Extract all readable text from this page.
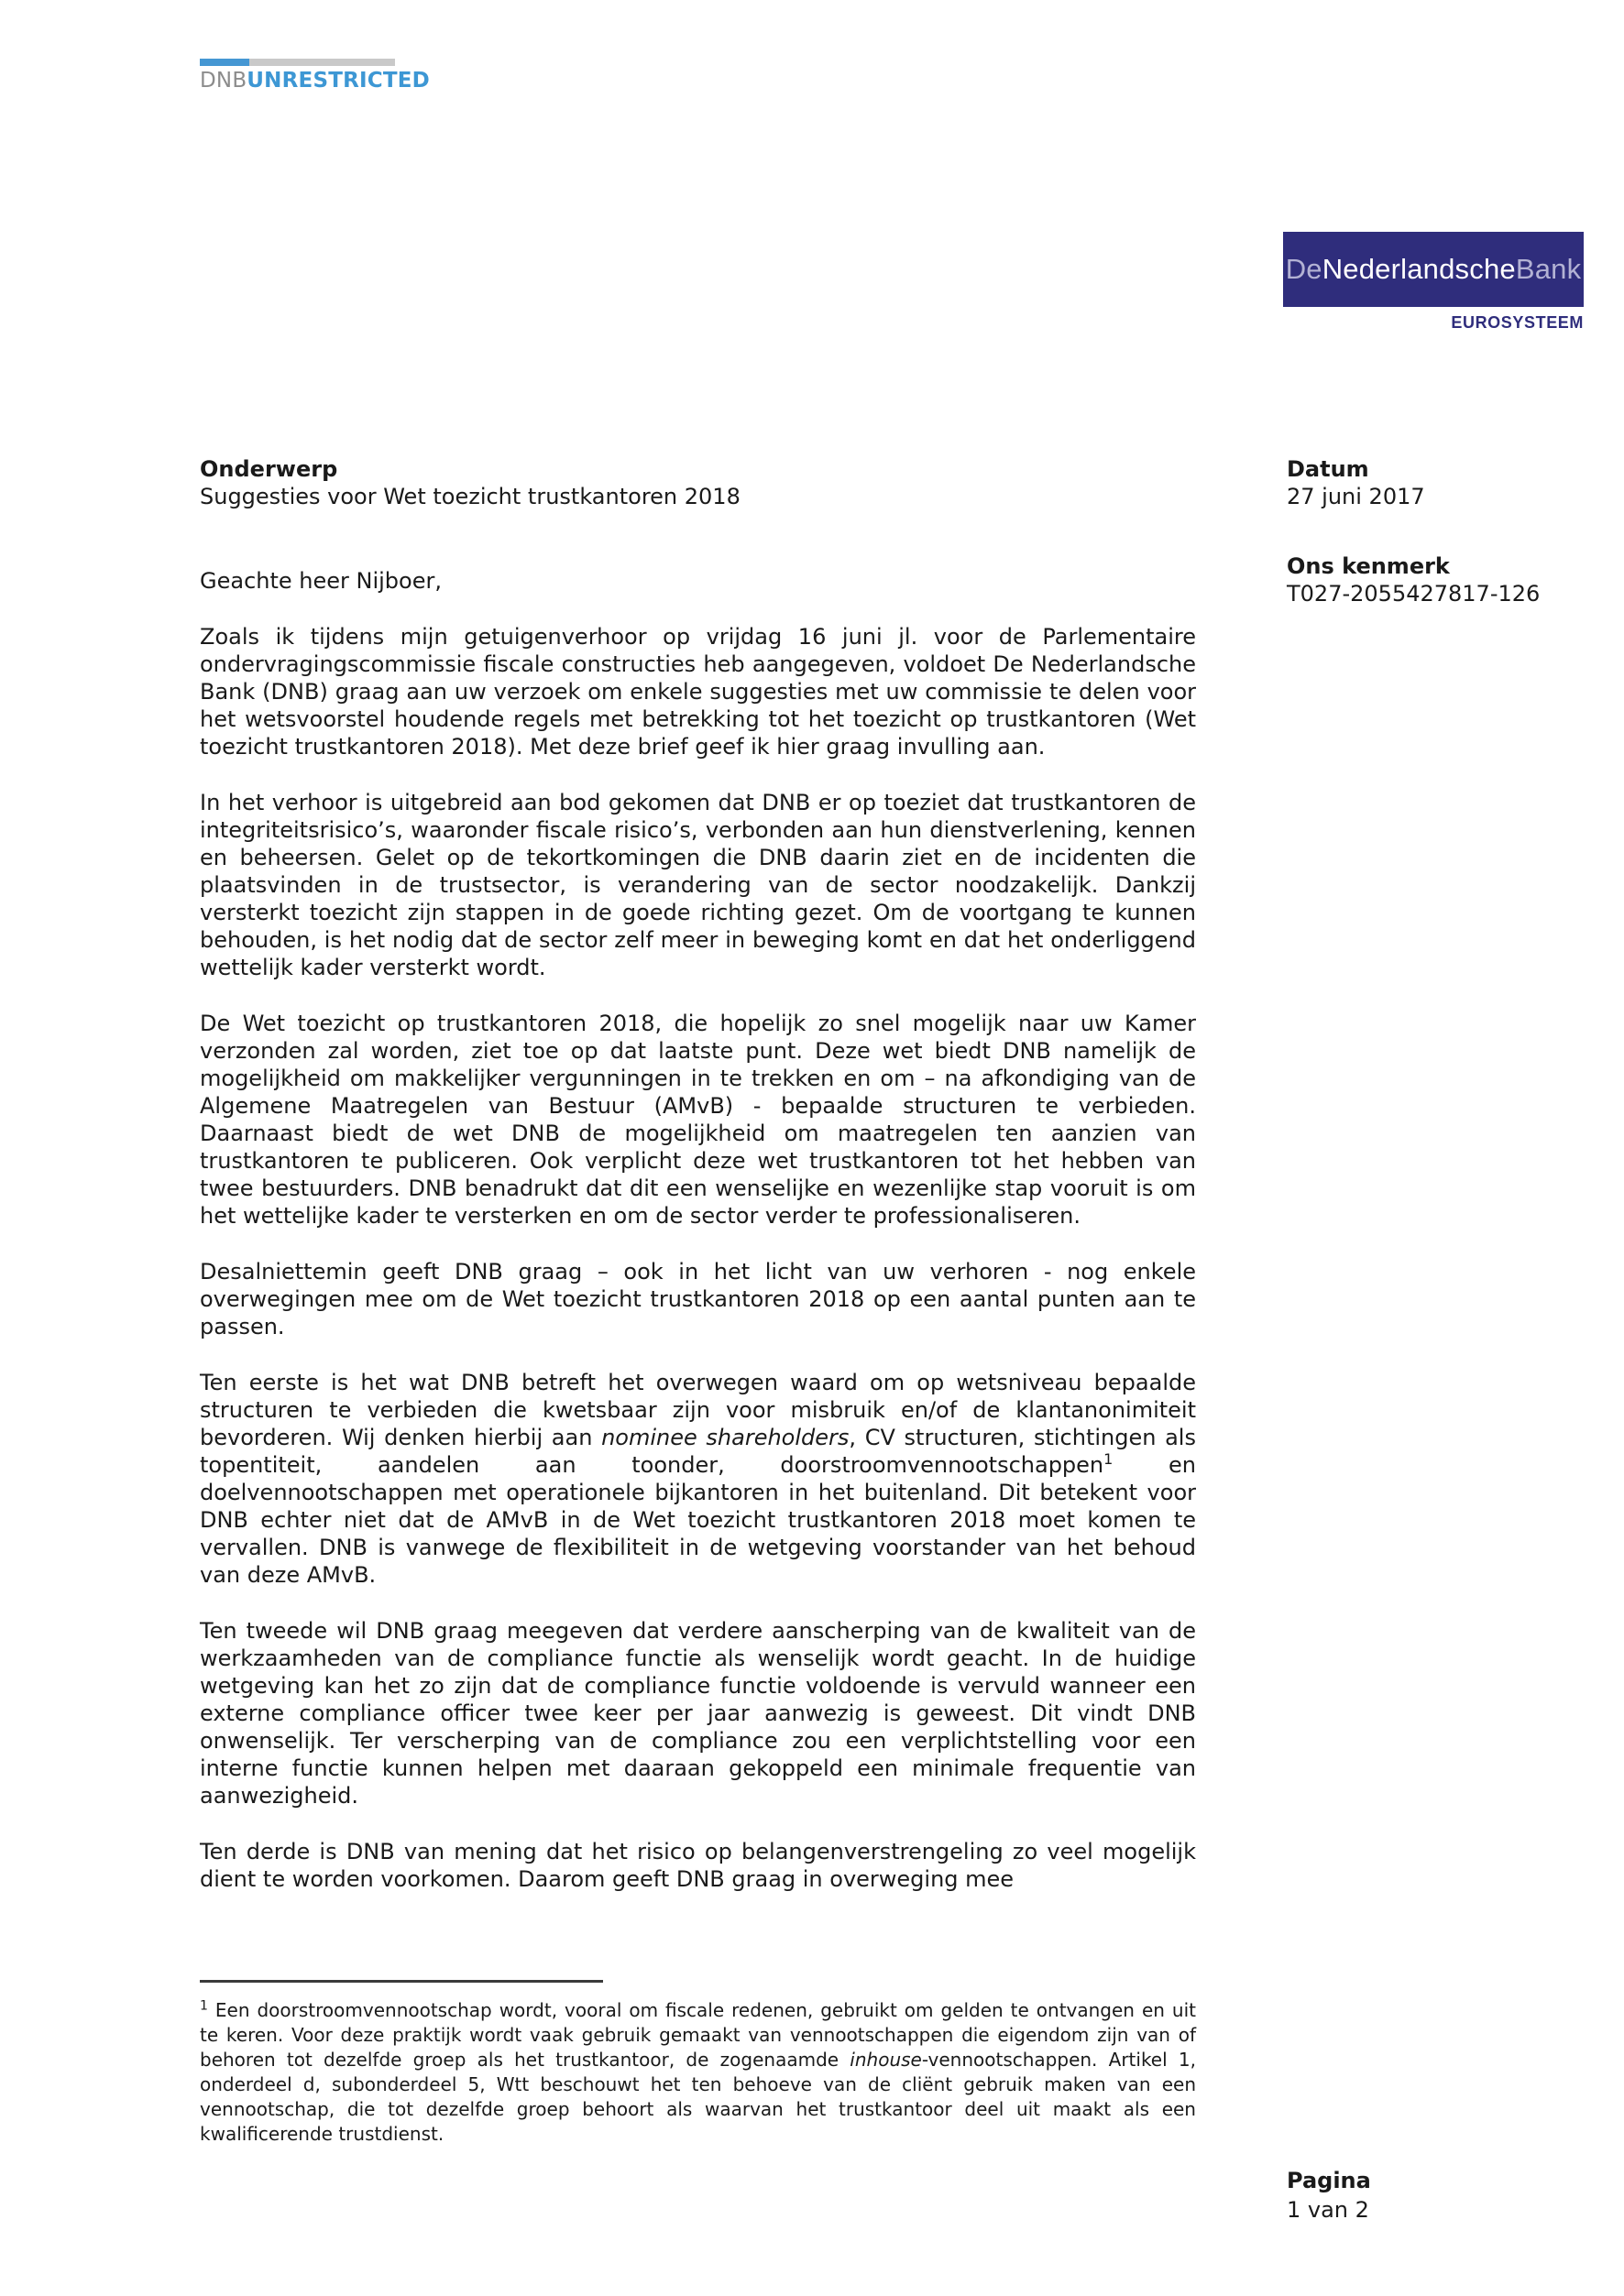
DNBUNRESTRICTED
De Nederlandsche Bank
EUROSYSTEEM
Onderwerp
Suggesties voor Wet toezicht trustkantoren 2018
Geachte heer Nijboer,

Zoals ik tijdens mijn getuigenverhoor op vrijdag 16 juni jl. voor de Parlementaire ondervragingscommissie fiscale constructies heb aangegeven, voldoet De Nederlandsche Bank (DNB) graag aan uw verzoek om enkele suggesties met uw commissie te delen voor het wetsvoorstel houdende regels met betrekking tot het toezicht op trustkantoren (Wet toezicht trustkantoren 2018). Met deze brief geef ik hier graag invulling aan.

In het verhoor is uitgebreid aan bod gekomen dat DNB er op toeziet dat trustkantoren de integriteitsrisico’s, waaronder fiscale risico’s, verbonden aan hun dienstverlening, kennen en beheersen. Gelet op de tekortkomingen die DNB daarin ziet en de incidenten die plaatsvinden in de trustsector, is verandering van de sector noodzakelijk. Dankzij versterkt toezicht zijn stappen in de goede richting gezet. Om de voortgang te kunnen behouden, is het nodig dat de sector zelf meer in beweging komt en dat het onderliggend wettelijk kader versterkt wordt.

De Wet toezicht op trustkantoren 2018, die hopelijk zo snel mogelijk naar uw Kamer verzonden zal worden, ziet toe op dat laatste punt. Deze wet biedt DNB namelijk de mogelijkheid om makkelijker vergunningen in te trekken en om – na afkondiging van de Algemene Maatregelen van Bestuur (AMvB) - bepaalde structuren te verbieden. Daarnaast biedt de wet DNB de mogelijkheid om maatregelen ten aanzien van trustkantoren te publiceren. Ook verplicht deze wet trustkantoren tot het hebben van twee bestuurders. DNB benadrukt dat dit een wenselijke en wezenlijke stap vooruit is om het wettelijke kader te versterken en om de sector verder te professionaliseren.

Desalniettemin geeft DNB graag – ook in het licht van uw verhoren - nog enkele overwegingen mee om de Wet toezicht trustkantoren 2018 op een aantal punten aan te passen.

Ten eerste is het wat DNB betreft het overwegen waard om op wetsniveau bepaalde structuren te verbieden die kwetsbaar zijn voor misbruik en/of de klantanonimiteit bevorderen. Wij denken hierbij aan nominee shareholders, CV structuren, stichtingen als topentiteit, aandelen aan toonder, doorstroomvennootschappen$^1$ en doelvennootschappen met operationele bijkantoren in het buitenland. Dit betekent voor DNB echter niet dat de AMvB in de Wet toezicht trustkantoren 2018 moet komen te vervallen. DNB is vanwege de flexibiliteit in de wetgeving voorstander van het behoud van deze AMvB.

Ten tweede wil DNB graag meegeven dat verdere aanscherping van de kwaliteit van de werkzaamheden van de compliance functie als wenselijk wordt geacht. In de huidige wetgeving kan het zo zijn dat de compliance functie voldoende is vervuld wanneer een externe compliance officer twee keer per jaar aanwezig is geweest. Dit vindt DNB onwenselijk. Ter verscherping van de compliance zou een verplichtstelling voor een interne functie kunnen helpen met daaraan gekoppeld een minimale frequentie van aanwezigheid.

Ten derde is DNB van mening dat het risico op belangenverstrengeling zo veel mogelijk dient te worden voorkomen. Daarom geeft DNB graag in overweging mee

Datum
27 juni 2017
Ons kenmerk
T027-2055427817-126

$^1$ Een doorstroomvennootschap wordt, vooral om fiscale redenen, gebruikt om gelden te ontvangen en uit te keren. Voor deze praktijk wordt vaak gebruik gemaakt van vennootschappen die eigendom zijn van of behoren tot dezelfde groep als het trustkantoor, de zogenaamde inhouse-vennootschappen. Artikel 1, onderdeel d, subonderdeel 5, Wtt beschouwt het ten behoeve van de cliënt gebruik maken van een vennootschap, die tot dezelfde groep behoort als waarvan het trustkantoor deel uit maakt als een kwalificerende trustdienst.

Pagina
1 van 2
